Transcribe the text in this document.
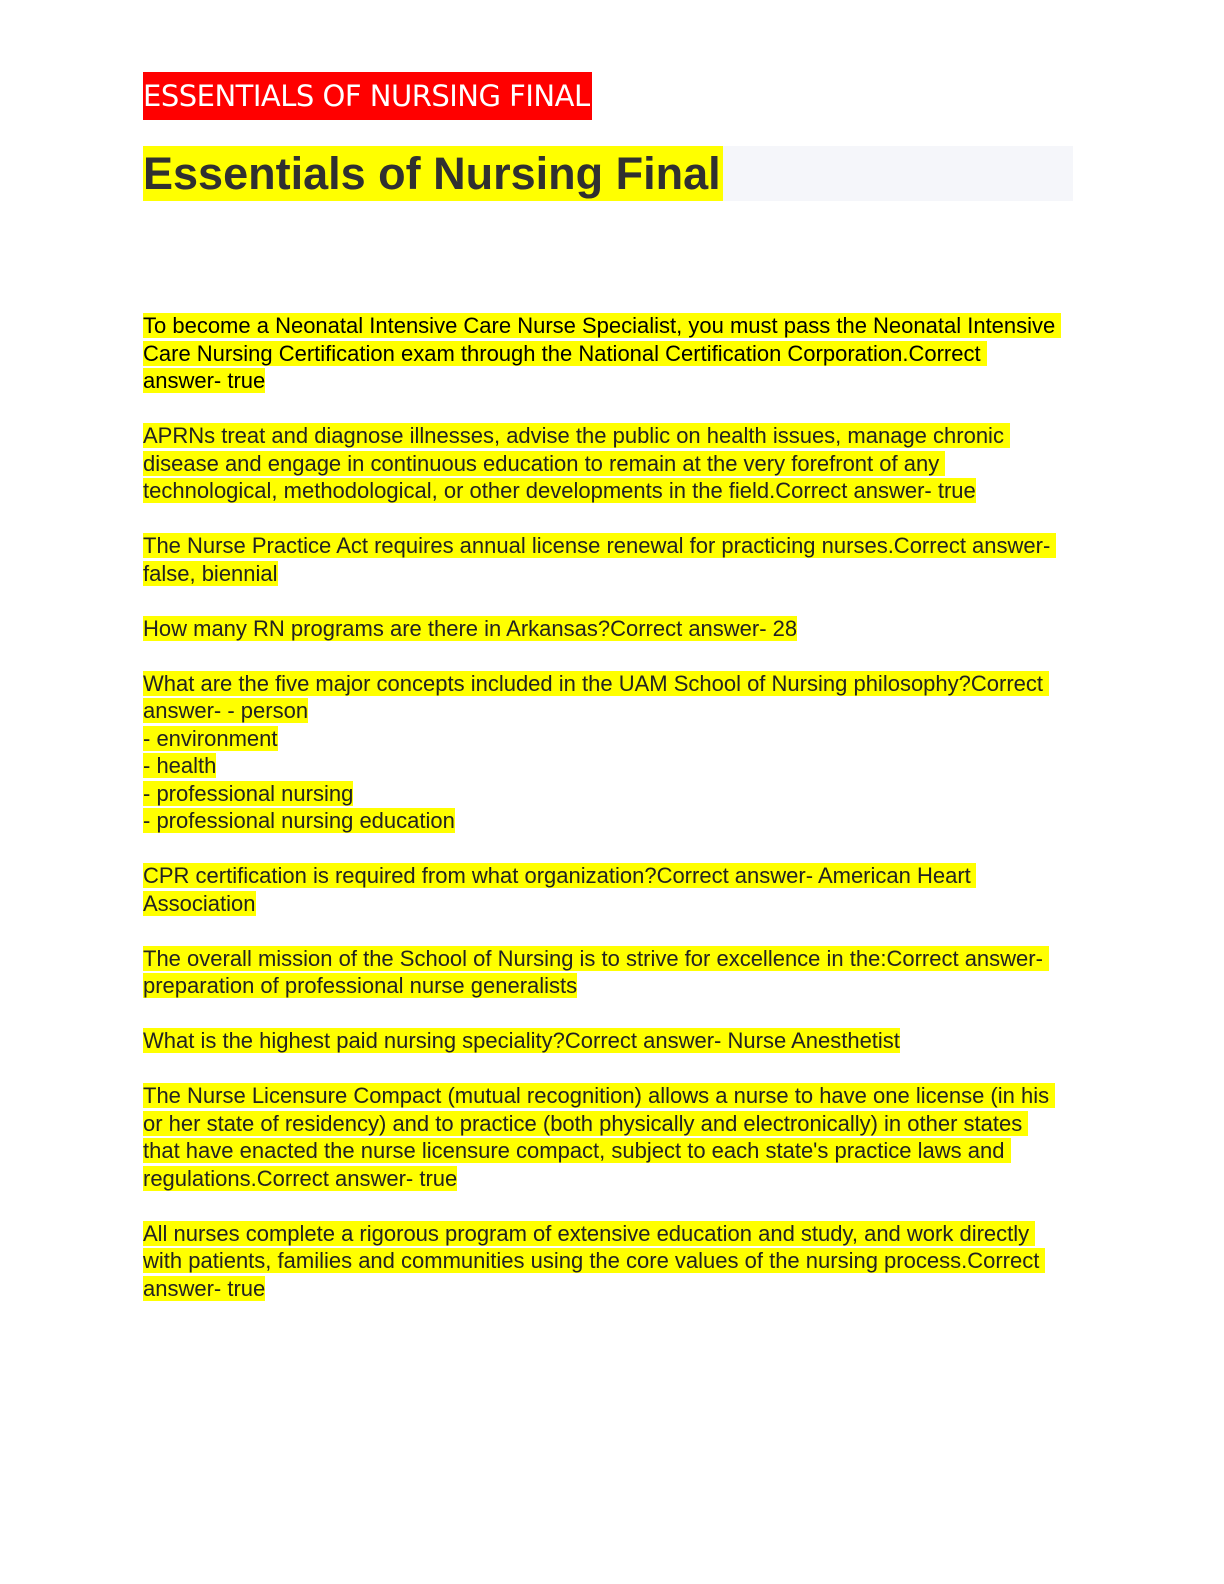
ESSENTIALS OF NURSING FINAL
Essentials of Nursing Final

To become a Neonatal Intensive Care Nurse Specialist, you must pass the Neonatal Intensive Care Nursing Certification exam through the National Certification Corporation.Correct answer- true

APRNs treat and diagnose illnesses, advise the public on health issues, manage chronic disease and engage in continuous education to remain at the very forefront of any technological, methodological, or other developments in the field.Correct answer- true

The Nurse Practice Act requires annual license renewal for practicing nurses.Correct answer- false, biennial

How many RN programs are there in Arkansas?Correct answer- 28

What are the five major concepts included in the UAM School of Nursing philosophy?Correct answer- - person
- environment
- health
- professional nursing
- professional nursing education

CPR certification is required from what organization?Correct answer- American Heart Association

The overall mission of the School of Nursing is to strive for excellence in the:Correct answer- preparation of professional nurse generalists

What is the highest paid nursing speciality?Correct answer- Nurse Anesthetist

The Nurse Licensure Compact (mutual recognition) allows a nurse to have one license (in his or her state of residency) and to practice (both physically and electronically) in other states that have enacted the nurse licensure compact, subject to each state's practice laws and regulations.Correct answer- true

All nurses complete a rigorous program of extensive education and study, and work directly with patients, families and communities using the core values of the nursing process.Correct answer- true
